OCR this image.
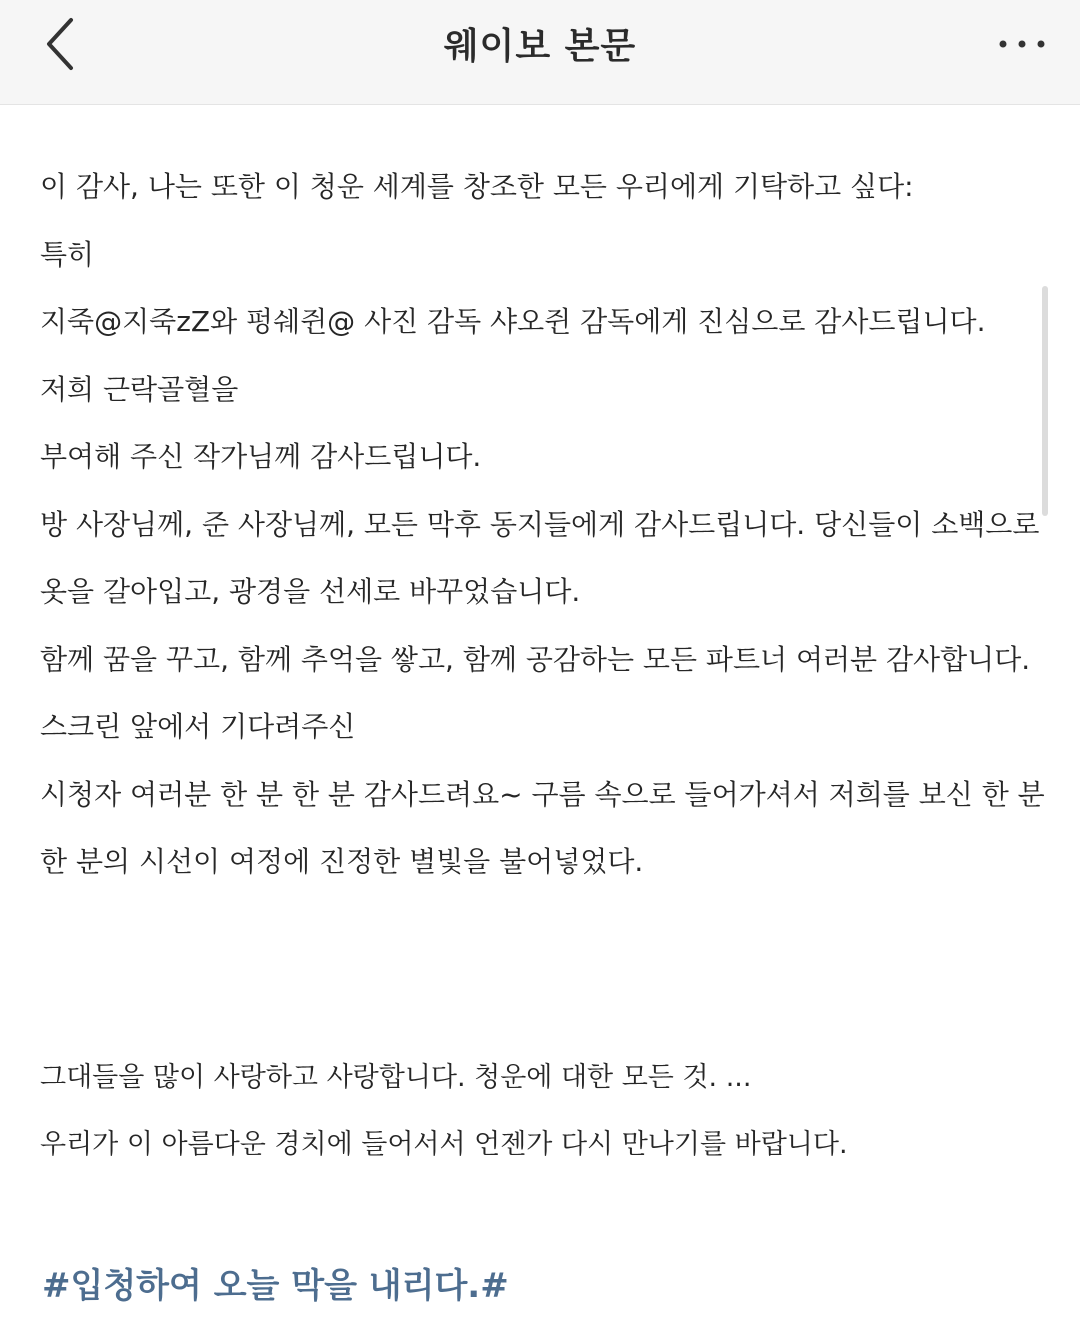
웨이보 본문

이 감사, 나는 또한 이 청운 세계를 창조한 모든 우리에게 기탁하고 싶다:

특히

지죽@지죽zZ와 펑쉐쥔@ 사진 감독 샤오쥔 감독에게 진심으로 감사드립니다.

저희 근락골혈을

부여해 주신 작가님께 감사드립니다.

방 사장님께, 준 사장님께, 모든 막후 동지들에게 감사드립니다. 당신들이 소백으로

옷을 갈아입고, 광경을 선세로 바꾸었습니다.

함께 꿈을 꾸고, 함께 추억을 쌓고, 함께 공감하는 모든 파트너 여러분 감사합니다.

스크린 앞에서 기다려주신

시청자 여러분 한 분 한 분 감사드려요~ 구름 속으로 들어가셔서 저희를 보신 한 분

한 분의 시선이 여정에 진정한 별빛을 불어넣었다.

그대들을 많이 사랑하고 사랑합니다. 청운에 대한 모든 것. ...

우리가 이 아름다운 경치에 들어서서 언젠가 다시 만나기를 바랍니다.

#입청하여 오늘 막을 내리다.#
